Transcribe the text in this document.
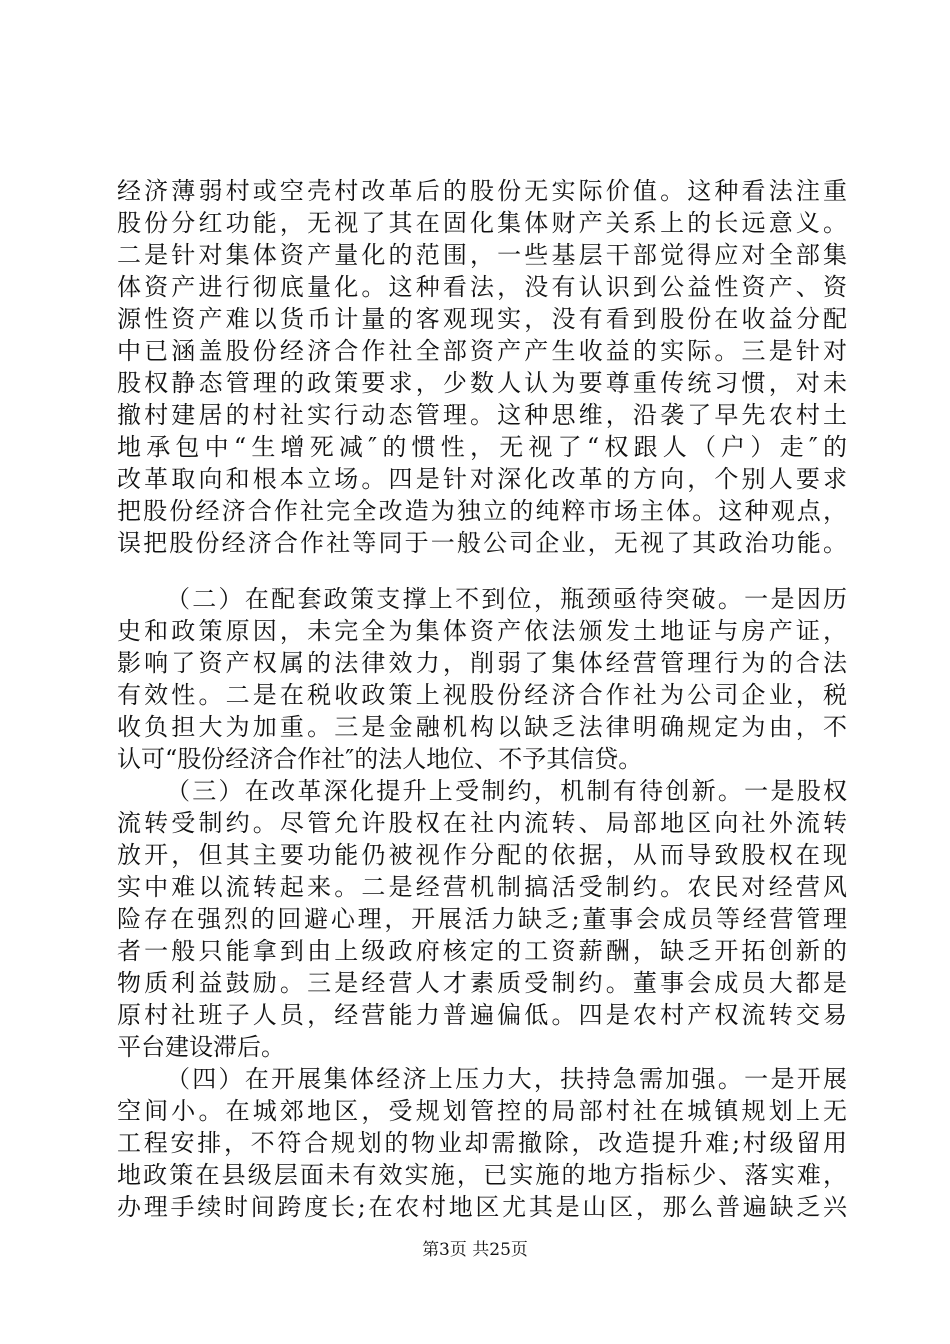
经济薄弱村或空壳村改革后的股份无实际价值。这种看法注重
股份分红功能，无视了其在固化集体财产关系上的长远意义。
二是针对集体资产量化的范围，一些基层干部觉得应对全部集
体资产进行彻底量化。这种看法，没有认识到公益性资产、资
源性资产难以货币计量的客观现实，没有看到股份在收益分配
中已涵盖股份经济合作社全部资产产生收益的实际。三是针对
股权静态管理的政策要求，少数人认为要尊重传统习惯，对未
撤村建居的村社实行动态管理。这种思维，沿袭了早先农村土
地承包中“生增死减″的惯性，无视了“权跟人（户）走″的
改革取向和根本立场。四是针对深化改革的方向，个别人要求
把股份经济合作社完全改造为独立的纯粹市场主体。这种观点，
误把股份经济合作社等同于一般公司企业，无视了其政治功能。
（二）在配套政策支撑上不到位，瓶颈亟待突破。一是因历
史和政策原因，未完全为集体资产依法颁发土地证与房产证，
影响了资产权属的法律效力，削弱了集体经营管理行为的合法
有效性。二是在税收政策上视股份经济合作社为公司企业，税
收负担大为加重。三是金融机构以缺乏法律明确规定为由，不
认可“股份经济合作社″的法人地位、不予其信贷。
（三）在改革深化提升上受制约，机制有待创新。一是股权
流转受制约。尽管允许股权在社内流转、局部地区向社外流转
放开，但其主要功能仍被视作分配的依据，从而导致股权在现
实中难以流转起来。二是经营机制搞活受制约。农民对经营风
险存在强烈的回避心理，开展活力缺乏;董事会成员等经营管理
者一般只能拿到由上级政府核定的工资薪酬，缺乏开拓创新的
物质利益鼓励。三是经营人才素质受制约。董事会成员大都是
原村社班子人员，经营能力普遍偏低。四是农村产权流转交易
平台建设滞后。
（四）在开展集体经济上压力大，扶持急需加强。一是开展
空间小。在城郊地区，受规划管控的局部村社在城镇规划上无
工程安排，不符合规划的物业却需撤除，改造提升难;村级留用
地政策在县级层面未有效实施，已实施的地方指标少、落实难，
办理手续时间跨度长;在农村地区尤其是山区，那么普遍缺乏兴
第3页 共25页
